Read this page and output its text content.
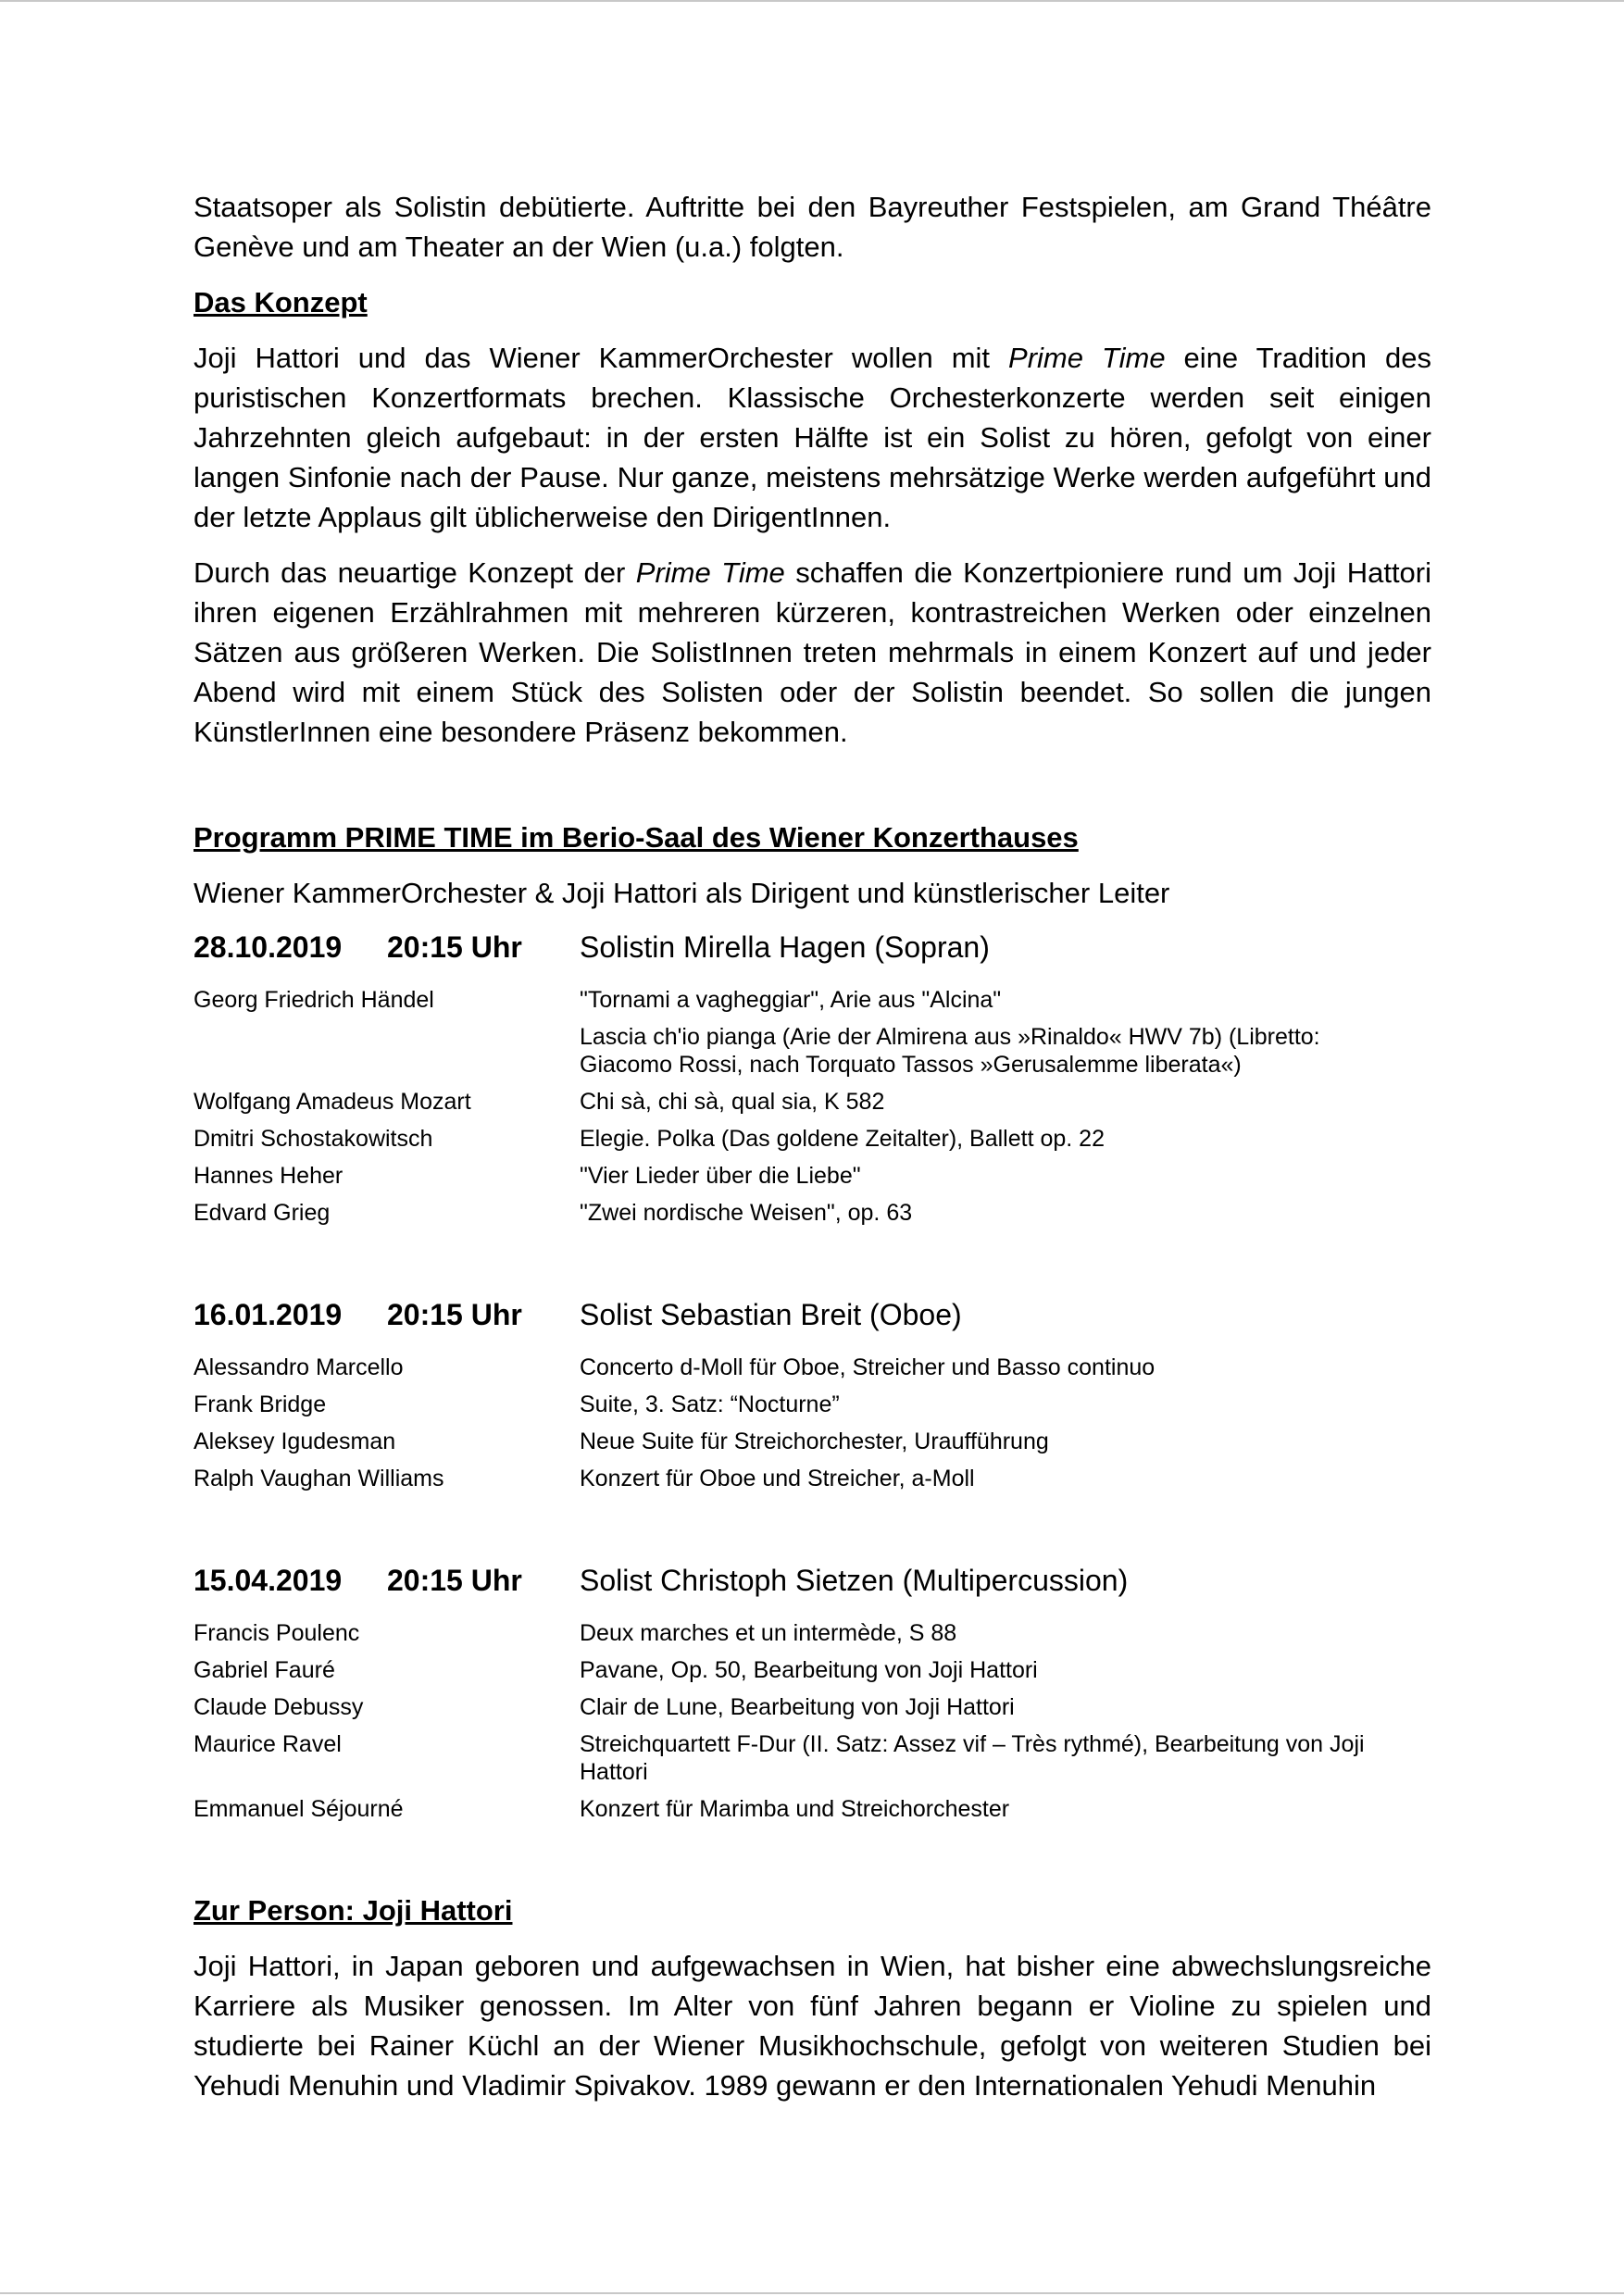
Staatsoper als Solistin debütierte. Auftritte bei den Bayreuther Festspielen, am Grand Théâtre Genève und am Theater an der Wien (u.a.) folgten.

Das Konzept

Joji Hattori und das Wiener KammerOrchester wollen mit Prime Time eine Tradition des puristischen Konzertformats brechen. Klassische Orchesterkonzerte werden seit einigen Jahrzehnten gleich aufgebaut: in der ersten Hälfte ist ein Solist zu hören, gefolgt von einer langen Sinfonie nach der Pause. Nur ganze, meistens mehrsätzige Werke werden aufgeführt und der letzte Applaus gilt üblicherweise den DirigentInnen.

Durch das neuartige Konzept der Prime Time schaffen die Konzertpioniere rund um Joji Hattori ihren eigenen Erzählrahmen mit mehreren kürzeren, kontrastreichen Werken oder einzelnen Sätzen aus größeren Werken. Die SolistInnen treten mehrmals in einem Konzert auf und jeder Abend wird mit einem Stück des Solisten oder der Solistin beendet. So sollen die jungen KünstlerInnen eine besondere Präsenz bekommen.

Programm PRIME TIME im Berio-Saal des Wiener Konzerthauses

Wiener KammerOrchester & Joji Hattori als Dirigent und künstlerischer Leiter

28.10.2019 20:15 Uhr Solistin Mirella Hagen (Sopran)
Georg Friedrich Händel	"Tornami a vagheggiar", Arie aus "Alcina"
Lascia ch'io pianga (Arie der Almirena aus »Rinaldo« HWV 7b) (Libretto: Giacomo Rossi, nach Torquato Tassos »Gerusalemme liberata«)
Wolfgang Amadeus Mozart	Chi sà, chi sà, qual sia, K 582
Dmitri Schostakowitsch	Elegie. Polka (Das goldene Zeitalter), Ballett op. 22
Hannes Heher	"Vier Lieder über die Liebe"
Edvard Grieg	"Zwei nordische Weisen", op. 63
16.01.2019 20:15 Uhr Solist Sebastian Breit (Oboe)
Alessandro Marcello	Concerto d-Moll für Oboe, Streicher und Basso continuo
Frank Bridge	Suite, 3. Satz: “Nocturne”
Aleksey Igudesman	Neue Suite für Streichorchester, Uraufführung
Ralph Vaughan Williams	Konzert für Oboe und Streicher, a-Moll
15.04.2019 20:15 Uhr Solist Christoph Sietzen (Multipercussion)
Francis Poulenc	Deux marches et un intermède, S 88
Gabriel Fauré	Pavane, Op. 50, Bearbeitung von Joji Hattori
Claude Debussy	Clair de Lune, Bearbeitung von Joji Hattori
Maurice Ravel	Streichquartett F-Dur (II. Satz: Assez vif – Très rythmé), Bearbeitung von Joji Hattori
Emmanuel Séjourné	Konzert für Marimba und Streichorchester

Zur Person: Joji Hattori

Joji Hattori, in Japan geboren und aufgewachsen in Wien, hat bisher eine abwechslungsreiche Karriere als Musiker genossen. Im Alter von fünf Jahren begann er Violine zu spielen und studierte bei Rainer Küchl an der Wiener Musikhochschule, gefolgt von weiteren Studien bei Yehudi Menuhin und Vladimir Spivakov. 1989 gewann er den Internationalen Yehudi Menuhin
